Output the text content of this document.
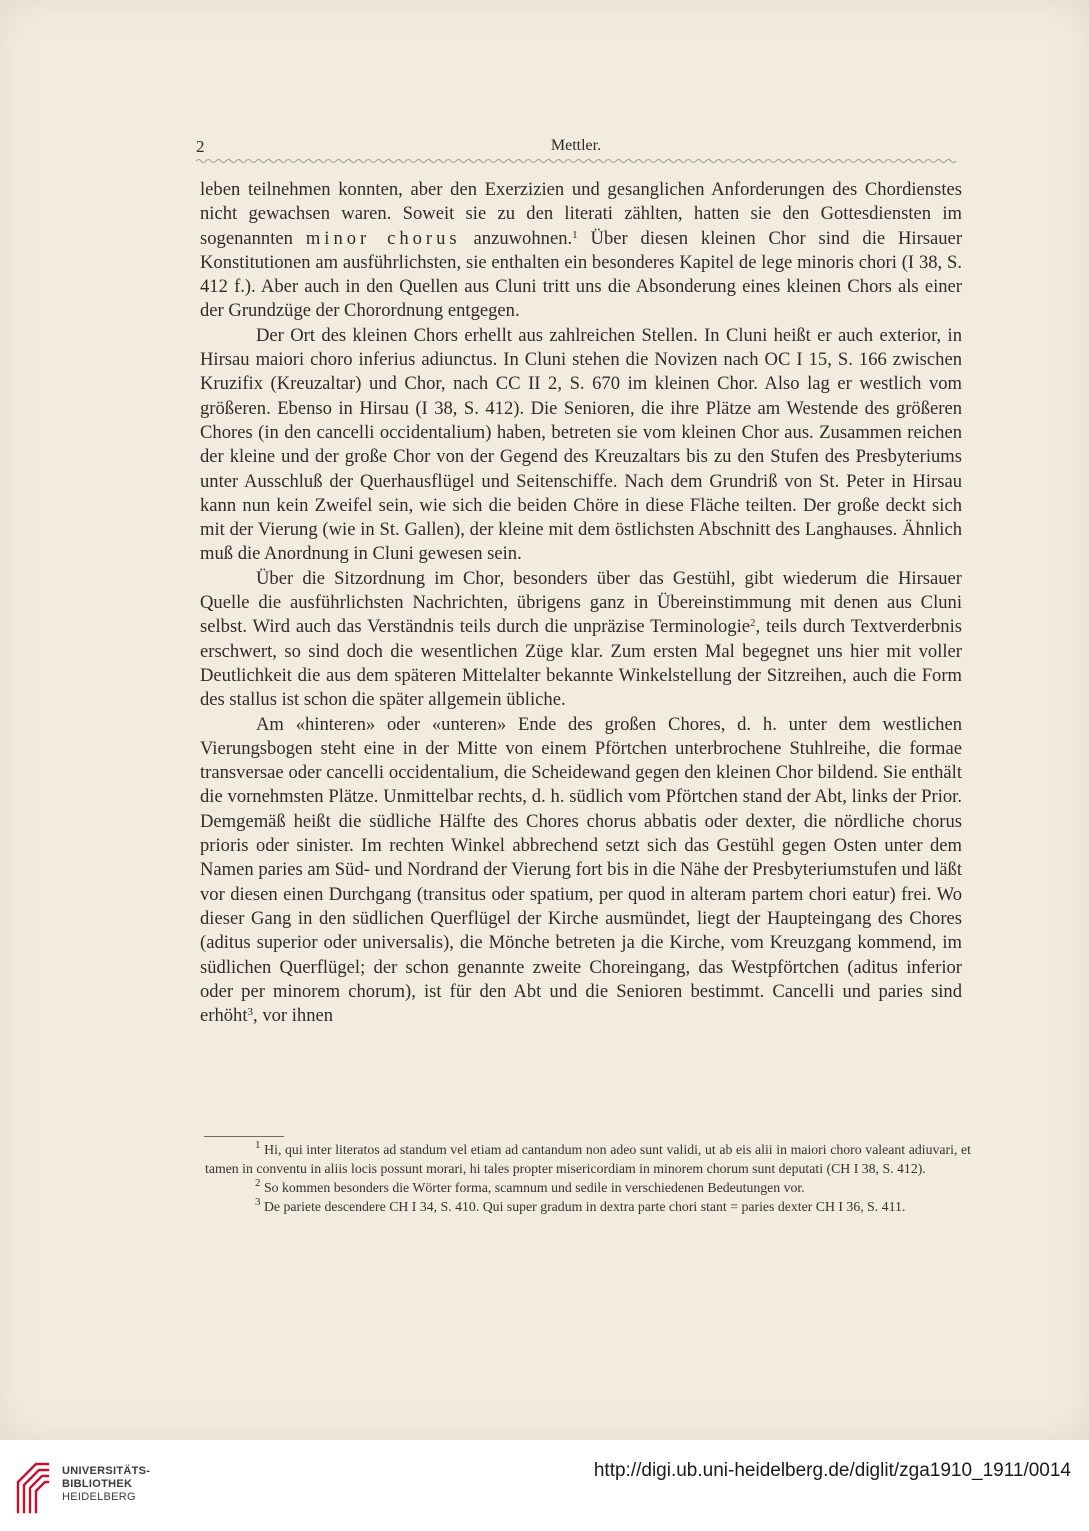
2	Mettler.

leben teilnehmen konnten, aber den Exerzizien und gesanglichen Anforderungen des Chordienstes nicht gewachsen waren. Soweit sie zu den literati zählten, hatten sie den Gottesdiensten im sogenannten minor chorus anzuwohnen.$^1$ Über diesen kleinen Chor sind die Hirsauer Konstitutionen am ausführlichsten, sie enthalten ein besonderes Kapitel de lege minoris chori (I 38, S. 412 f.). Aber auch in den Quellen aus Cluni tritt uns die Absonderung eines kleinen Chors als einer der Grundzüge der Chorordnung entgegen.

Der Ort des kleinen Chors erhellt aus zahlreichen Stellen. In Cluni heißt er auch exterior, in Hirsau maiori choro inferius adiunctus. In Cluni stehen die Novizen nach OC I 15, S. 166 zwischen Kruzifix (Kreuzaltar) und Chor, nach CC II 2, S. 670 im kleinen Chor. Also lag er westlich vom größeren. Ebenso in Hirsau (I 38, S. 412). Die Senioren, die ihre Plätze am Westende des größeren Chores (in den cancelli occidentalium) haben, betreten sie vom kleinen Chor aus. Zusammen reichen der kleine und der große Chor von der Gegend des Kreuzaltars bis zu den Stufen des Presbyteriums unter Ausschluß der Querhausflügel und Seitenschiffe. Nach dem Grundriß von St. Peter in Hirsau kann nun kein Zweifel sein, wie sich die beiden Chöre in diese Fläche teilten. Der große deckt sich mit der Vierung (wie in St. Gallen), der kleine mit dem östlichsten Abschnitt des Langhauses. Ähnlich muß die Anordnung in Cluni gewesen sein.

Über die Sitzordnung im Chor, besonders über das Gestühl, gibt wiederum die Hirsauer Quelle die ausführlichsten Nachrichten, übrigens ganz in Übereinstimmung mit denen aus Cluni selbst. Wird auch das Verständnis teils durch die unpräzise Terminologie$^2$, teils durch Textverderbnis erschwert, so sind doch die wesentlichen Züge klar. Zum ersten Mal begegnet uns hier mit voller Deutlichkeit die aus dem späteren Mittelalter bekannte Winkelstellung der Sitzreihen, auch die Form des stallus ist schon die später allgemein übliche.

Am «hinteren» oder «unteren» Ende des großen Chores, d. h. unter dem westlichen Vierungsbogen steht eine in der Mitte von einem Pförtchen unterbrochene Stuhlreihe, die formae transversae oder cancelli occidentalium, die Scheidewand gegen den kleinen Chor bildend. Sie enthält die vornehmsten Plätze. Unmittelbar rechts, d. h. südlich vom Pförtchen stand der Abt, links der Prior. Demgemäß heißt die südliche Hälfte des Chores chorus abbatis oder dexter, die nördliche chorus prioris oder sinister. Im rechten Winkel abbrechend setzt sich das Gestühl gegen Osten unter dem Namen paries am Süd- und Nordrand der Vierung fort bis in die Nähe der Presbyteriumstufen und läßt vor diesen einen Durchgang (transitus oder spatium, per quod in alteram partem chori eatur) frei. Wo dieser Gang in den südlichen Querflügel der Kirche ausmündet, liegt der Haupteingang des Chores (aditus superior oder universalis), die Mönche betreten ja die Kirche, vom Kreuzgang kommend, im südlichen Querflügel; der schon genannte zweite Choreingang, das Westpförtchen (aditus inferior oder per minorem chorum), ist für den Abt und die Senioren bestimmt. Cancelli und paries sind erhöht$^3$, vor ihnen

$^1$ Hi, qui inter literatos ad standum vel etiam ad cantandum non adeo sunt validi, ut ab eis alii in maiori choro valeant adiuvari, et tamen in conventu in aliis locis possunt morari, hi tales propter misericordiam in minorem chorum sunt deputati (CH I 38, S. 412).

$^2$ So kommen besonders die Wörter forma, scamnum und sedile in verschiedenen Bedeutungen vor.

$^3$ De pariete descendere CH I 34, S. 410. Qui super gradum in dextra parte chori stant = paries dexter CH I 36, S. 411.

UNIVERSITÄTS-
BIBLIOTHEK
HEIDELBERG
http://digi.ub.uni-heidelberg.de/diglit/zga1910_1911/0014
